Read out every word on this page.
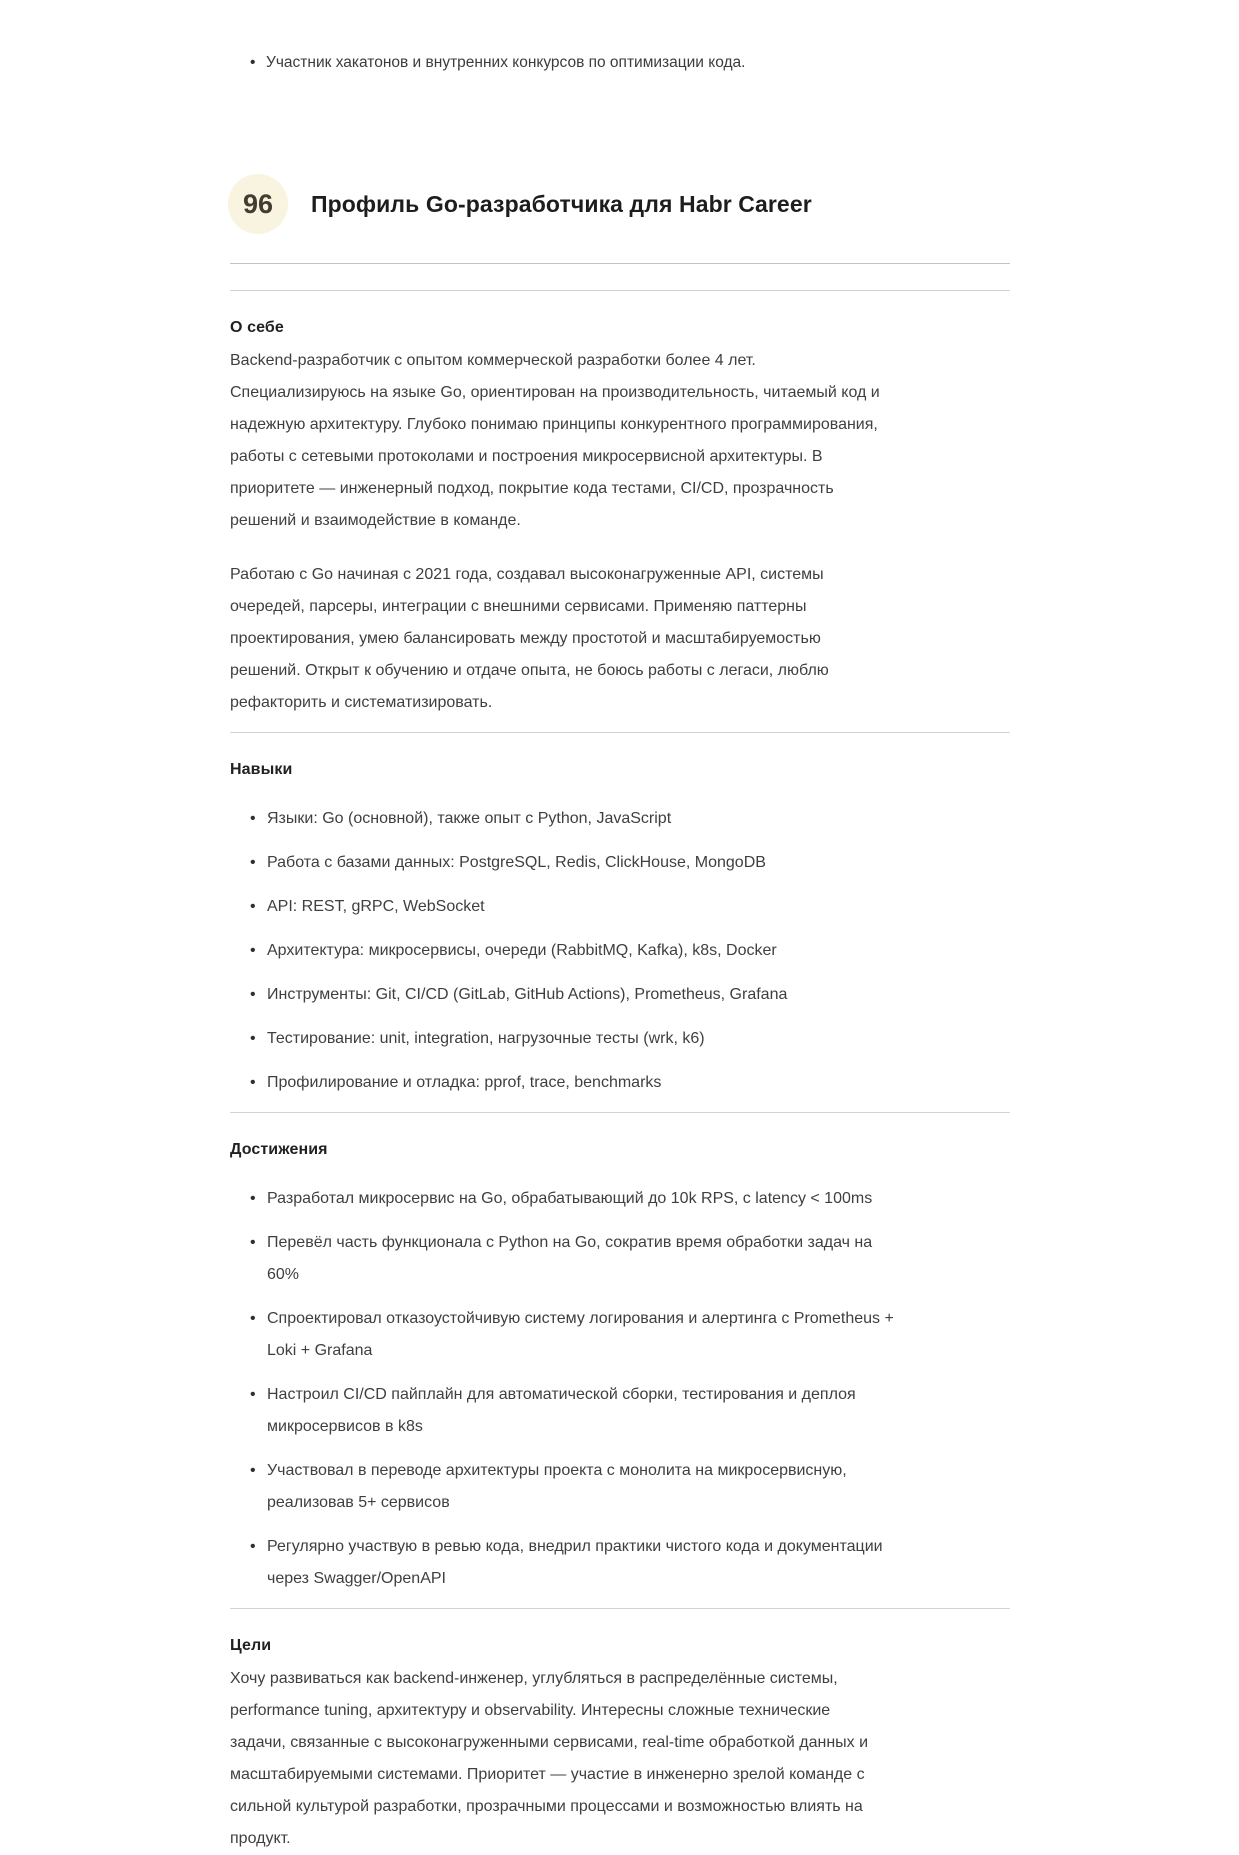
• Участник хакатонов и внутренних конкурсов по оптимизации кода.
96	Профиль Go-разработчика для Habr Career
О себе

Backend-разработчик с опытом коммерческой разработки более 4 лет. Специализируюсь на языке Go, ориентирован на производительность, читаемый код и надежную архитектуру. Глубоко понимаю принципы конкурентного программирования, работы с сетевыми протоколами и построения микросервисной архитектуры. В приоритете — инженерный подход, покрытие кода тестами, CI/CD, прозрачность решений и взаимодействие в команде.

Работаю с Go начиная с 2021 года, создавал высоконагруженные API, системы очередей, парсеры, интеграции с внешними сервисами. Применяю паттерны проектирования, умею балансировать между простотой и масштабируемостью решений. Открыт к обучению и отдаче опыта, не боюсь работы с легаси, люблю рефакторить и систематизировать.

Навыки
• Языки: Go (основной), также опыт с Python, JavaScript
• Работа с базами данных: PostgreSQL, Redis, ClickHouse, MongoDB
• API: REST, gRPC, WebSocket
• Архитектура: микросервисы, очереди (RabbitMQ, Kafka), k8s, Docker
• Инструменты: Git, CI/CD (GitLab, GitHub Actions), Prometheus, Grafana
• Тестирование: unit, integration, нагрузочные тесты (wrk, k6)
• Профилирование и отладка: pprof, trace, benchmarks
Достижения
• Разработал микросервис на Go, обрабатывающий до 10k RPS, с latency < 100ms
• Перевёл часть функционала с Python на Go, сократив время обработки задач на 60%
• Спроектировал отказоустойчивую систему логирования и алертинга с Prometheus + Loki + Grafana
• Настроил CI/CD пайплайн для автоматической сборки, тестирования и деплоя микросервисов в k8s
• Участвовал в переводе архитектуры проекта с монолита на микросервисную, реализовав 5+ сервисов
• Регулярно участвую в ревью кода, внедрил практики чистого кода и документации через Swagger/OpenAPI
Цели

Хочу развиваться как backend-инженер, углубляться в распределённые системы, performance tuning, архитектуру и observability. Интересны сложные технические задачи, связанные с высоконагруженными сервисами, real-time обработкой данных и масштабируемыми системами. Приоритет — участие в инженерно зрелой команде с сильной культурой разработки, прозрачными процессами и возможностью влиять на продукт.
